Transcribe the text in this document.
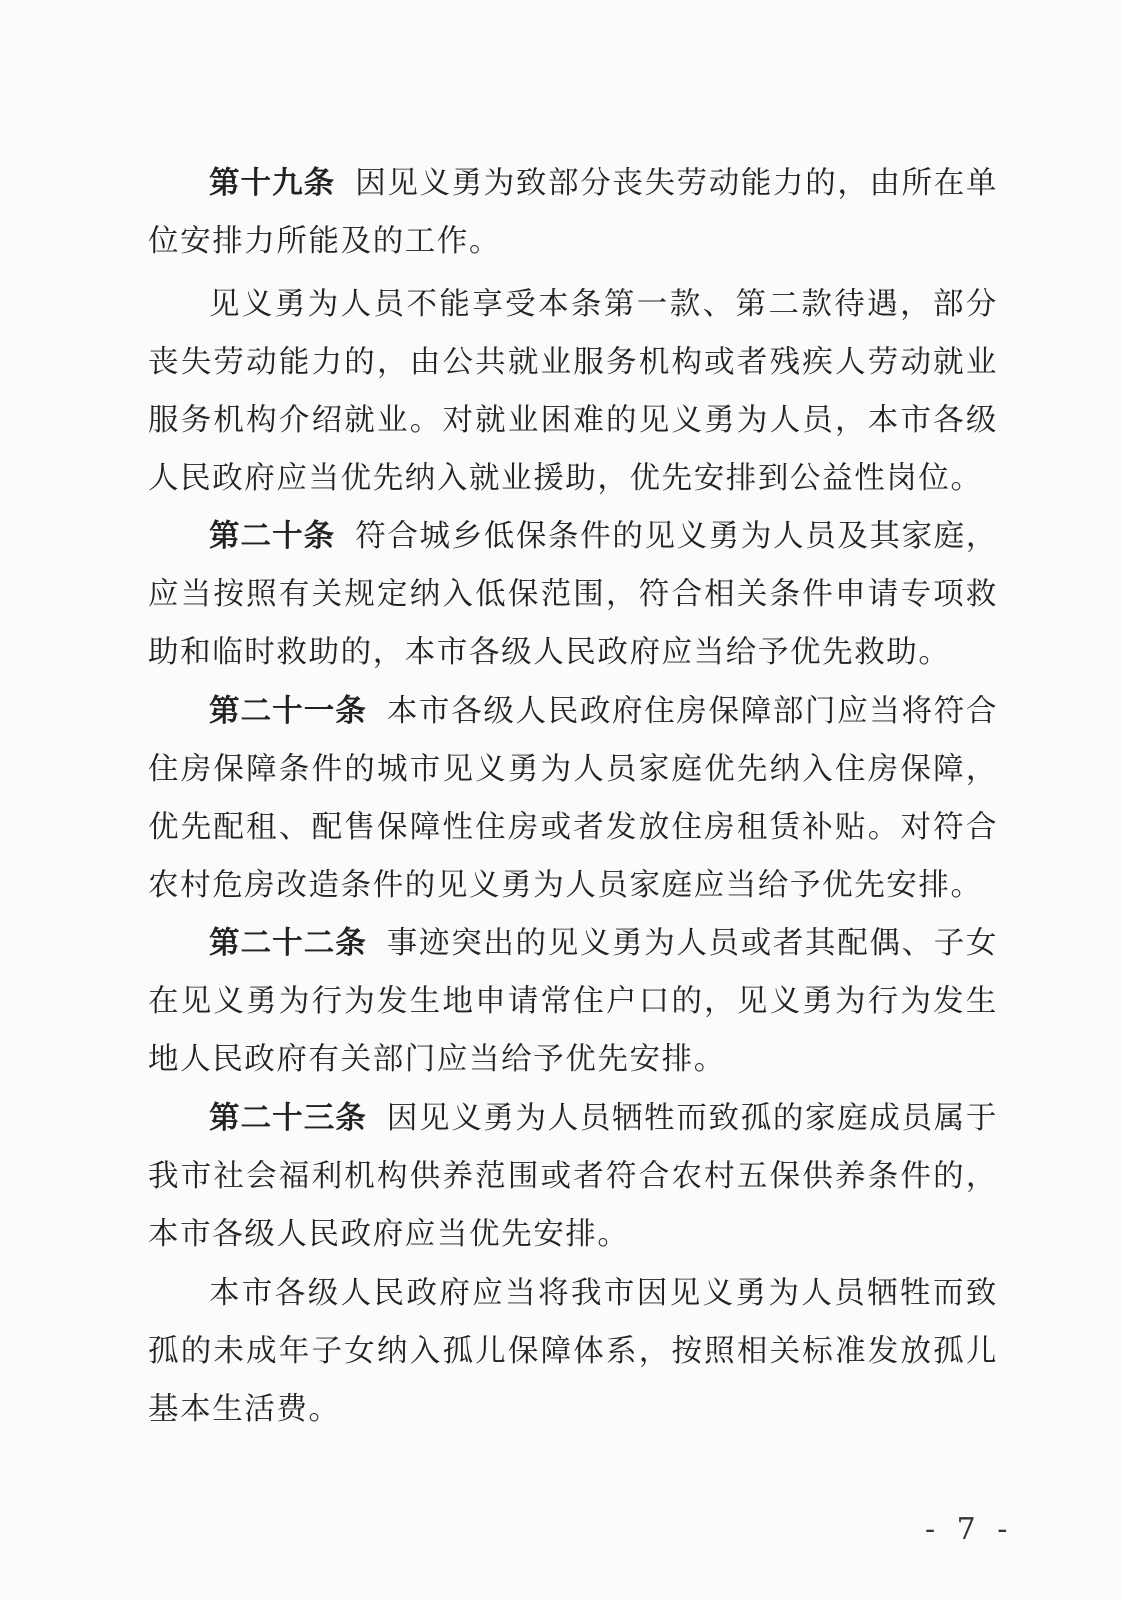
第十九条 因见义勇为致部分丧失劳动能力的，由所在单位安排力所能及的工作。

见义勇为人员不能享受本条第一款、第二款待遇，部分丧失劳动能力的，由公共就业服务机构或者残疾人劳动就业服务机构介绍就业。对就业困难的见义勇为人员，本市各级人民政府应当优先纳入就业援助，优先安排到公益性岗位。

第二十条 符合城乡低保条件的见义勇为人员及其家庭，应当按照有关规定纳入低保范围，符合相关条件申请专项救助和临时救助的，本市各级人民政府应当给予优先救助。

第二十一条 本市各级人民政府住房保障部门应当将符合住房保障条件的城市见义勇为人员家庭优先纳入住房保障，优先配租、配售保障性住房或者发放住房租赁补贴。对符合农村危房改造条件的见义勇为人员家庭应当给予优先安排。

第二十二条 事迹突出的见义勇为人员或者其配偶、子女在见义勇为行为发生地申请常住户口的，见义勇为行为发生地人民政府有关部门应当给予优先安排。

第二十三条 因见义勇为人员牺牲而致孤的家庭成员属于我市社会福利机构供养范围或者符合农村五保供养条件的，本市各级人民政府应当优先安排。

本市各级人民政府应当将我市因见义勇为人员牺牲而致孤的未成年子女纳入孤儿保障体系，按照相关标准发放孤儿基本生活费。

- 7 -
